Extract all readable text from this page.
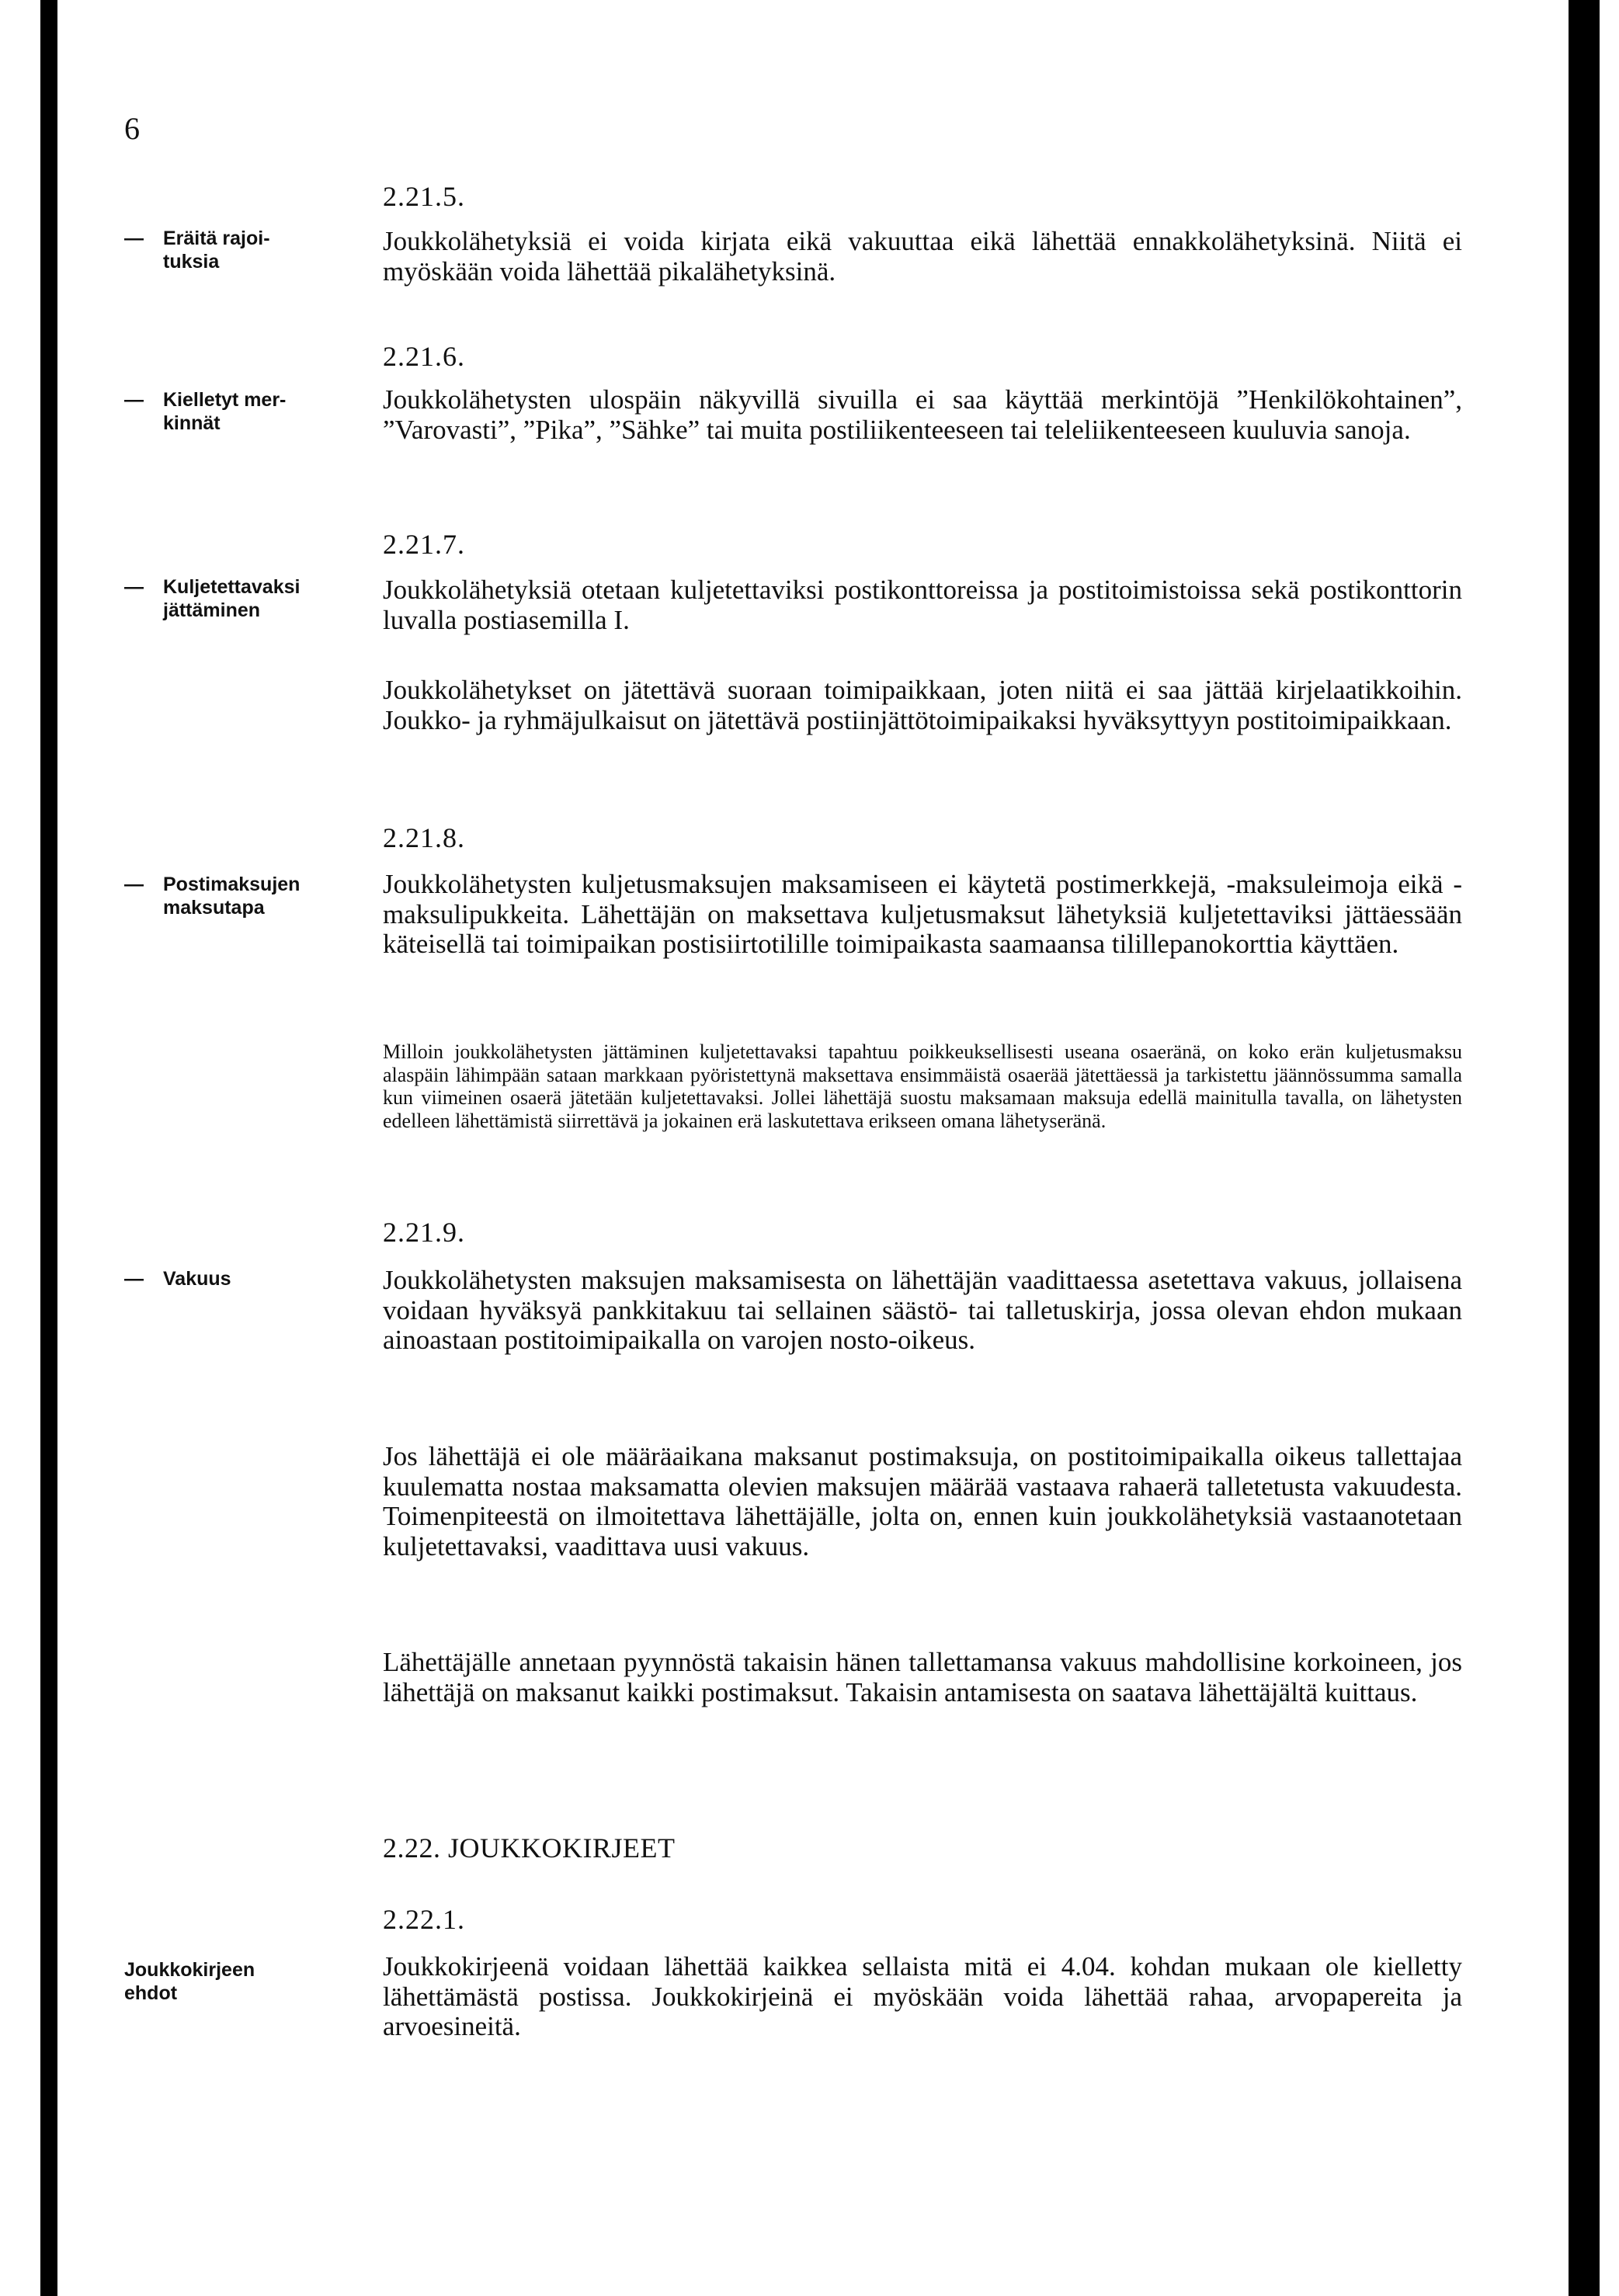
6
— Eräitä rajoi-
tuksia
— Kielletyt mer-
kinnät
— Kuljetettavaksi
jättäminen
— Postimaksujen
maksutapa
— Vakuus
Joukkokirjeen
ehdot
2.21.5.
Joukkolähetyksiä ei voida kirjata eikä vakuuttaa eikä lähettää ennakkolähetyksinä. Niitä ei myöskään voida lähettää pikalähetyksinä.
2.21.6.
Joukkolähetysten ulospäin näkyvillä sivuilla ei saa käyttää merkintöjä ”Henkilökohtainen”, ”Varovasti”, ”Pika”, ”Sähke” tai muita postiliikenteeseen tai teleliikenteeseen kuuluvia sanoja.
2.21.7.
Joukkolähetyksiä otetaan kuljetettaviksi postikonttoreissa ja postitoimistoissa sekä postikonttorin luvalla postiasemilla I.
Joukkolähetykset on jätettävä suoraan toimipaikkaan, joten niitä ei saa jättää kirjelaatikkoihin. Joukko- ja ryhmäjulkaisut on jätettävä postiinjättötoimipaikaksi hyväksyttyyn postitoimipaikkaan.
2.21.8.
Joukkolähetysten kuljetusmaksujen maksamiseen ei käytetä postimerkkejä, -maksuleimoja eikä -maksulipukkeita. Lähettäjän on maksettava kuljetusmaksut lähetyksiä kuljetettaviksi jättäessään käteisellä tai toimipaikan postisiirtotilille toimipaikasta saamaansa tilillepanokorttia käyttäen.
Milloin joukkolähetysten jättäminen kuljetettavaksi tapahtuu poikkeuksellisesti useana osaeränä, on koko erän kuljetusmaksu alaspäin lähimpään sataan markkaan pyöristettynä maksettava ensimmäistä osaerää jätettäessä ja tarkistettu jäännössumma samalla kun viimeinen osaerä jätetään kuljetettavaksi. Jollei lähettäjä suostu maksamaan maksuja edellä mainitulla tavalla, on lähetysten edelleen lähettämistä siirrettävä ja jokainen erä laskutettava erikseen omana lähetyseränä.
2.21.9.
Joukkolähetysten maksujen maksamisesta on lähettäjän vaadittaessa asetettava vakuus, jollaisena voidaan hyväksyä pankkitakuu tai sellainen säästö- tai talletuskirja, jossa olevan ehdon mukaan ainoastaan postitoimipaikalla on varojen nosto-oikeus.
Jos lähettäjä ei ole määräaikana maksanut postimaksuja, on postitoimipaikalla oikeus tallettajaa kuulematta nostaa maksamatta olevien maksujen määrää vastaava rahaerä talletetusta vakuudesta. Toimenpiteestä on ilmoitettava lähettäjälle, jolta on, ennen kuin joukkolähetyksiä vastaanotetaan kuljetettavaksi, vaadittava uusi vakuus.
Lähettäjälle annetaan pyynnöstä takaisin hänen tallettamansa vakuus mahdollisine korkoineen, jos lähettäjä on maksanut kaikki postimaksut. Takaisin antamisesta on saatava lähettäjältä kuittaus.
2.22. JOUKKOKIRJEET
2.22.1.
Joukkokirjeenä voidaan lähettää kaikkea sellaista mitä ei 4.04. kohdan mukaan ole kielletty lähettämästä postissa. Joukkokirjeinä ei myöskään voida lähettää rahaa, arvopapereita ja arvoesineitä.
